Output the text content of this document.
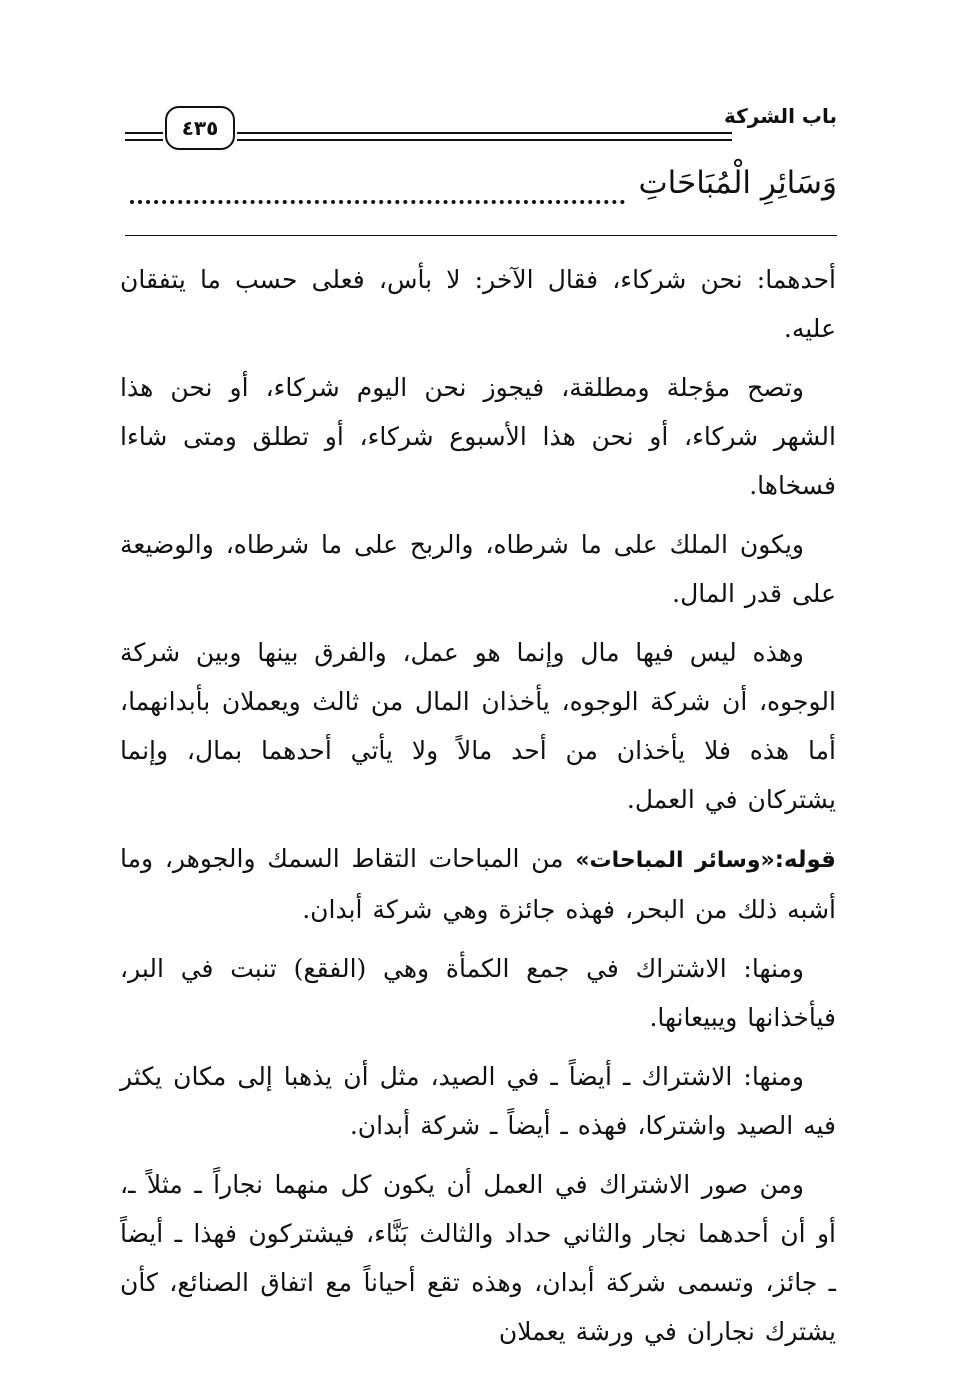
باب الشركة
٤٣٥
وَسَائِرِ الْمُبَاحَاتِ

أحدهما: نحن شركاء، فقال الآخر: لا بأس، فعلى حسب ما يتفقان عليه.

وتصح مؤجلة ومطلقة، فيجوز نحن اليوم شركاء، أو نحن هذا الشهر شركاء، أو نحن هذا الأسبوع شركاء، أو تطلق ومتى شاءا فسخاها.

ويكون الملك على ما شرطاه، والربح على ما شرطاه، والوضيعة على قدر المال.

وهذه ليس فيها مال وإنما هو عمل، والفرق بينها وبين شركة الوجوه، أن شركة الوجوه، يأخذان المال من ثالث ويعملان بأبدانهما، أما هذه فلا يأخذان من أحد مالاً ولا يأتي أحدهما بمال، وإنما يشتركان في العمل.

قوله:«وسائر المباحات» من المباحات التقاط السمك والجوهر، وما أشبه ذلك من البحر، فهذه جائزة وهي شركة أبدان.

ومنها: الاشتراك في جمع الكمأة وهي (الفقع) تنبت في البر، فيأخذانها ويبيعانها.

ومنها: الاشتراك ـ أيضاً ـ في الصيد، مثل أن يذهبا إلى مكان يكثر فيه الصيد واشتركا، فهذه ـ أيضاً ـ شركة أبدان.

ومن صور الاشتراك في العمل أن يكون كل منهما نجاراً ـ مثلاً ـ، أو أن أحدهما نجار والثاني حداد والثالث بَنَّاء، فيشتركون فهذا ـ أيضاً ـ جائز، وتسمى شركة أبدان، وهذه تقع أحياناً مع اتفاق الصنائع، كأن يشترك نجاران في ورشة يعملان
